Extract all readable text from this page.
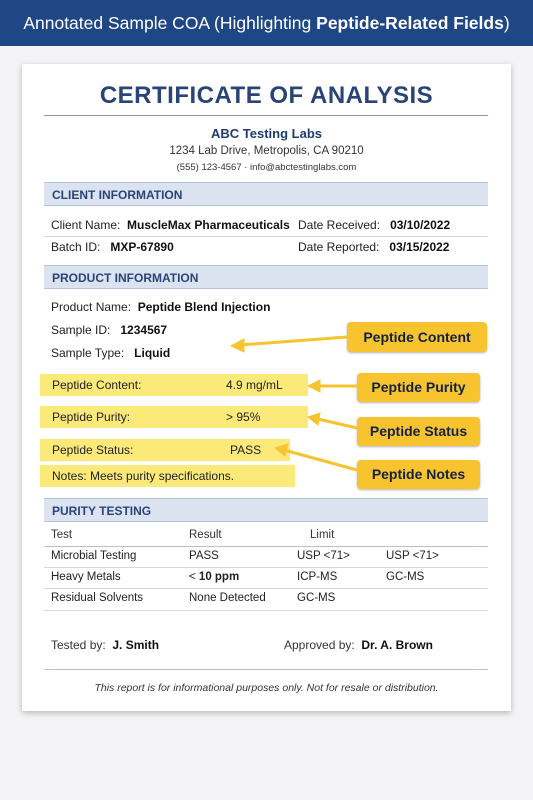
Annotated Sample COA (Highlighting Peptide-Related Fields)
CERTIFICATE OF ANALYSIS
ABC Testing Labs
1234 Lab Drive, Metropolis, CA 90210
(555) 123-4567 · info@abctestinglabs.com
CLIENT INFORMATION
Client Name: MuscleMax Pharmaceuticals Date Received: 03/10/2022
Batch ID: MXP-67890	Date Reported: 03/15/2022
PRODUCT INFORMATION
Product Name: Peptide Blend Injection
Sample ID: 1234567
Sample Type: Liquid
Peptide Content:	4.9 mg/mL
Peptide Purity:	> 95%
Peptide Status:	PASS
Notes: Meets purity specifications.
PURITY TESTING
Test	Result	Limit
Microbial Testing	PASS	USP <71>	USP <71>
Heavy Metals	< 10 ppm	ICP-MS	GC-MS
Residual Solvents	None Detected	GC-MS
Tested by: J. Smith	Approved by: Dr. A. Brown
This report is for informational purposes only. Not for resale or distribution.
Peptide Content
Peptide Purity
Peptide Status
Peptide Notes
